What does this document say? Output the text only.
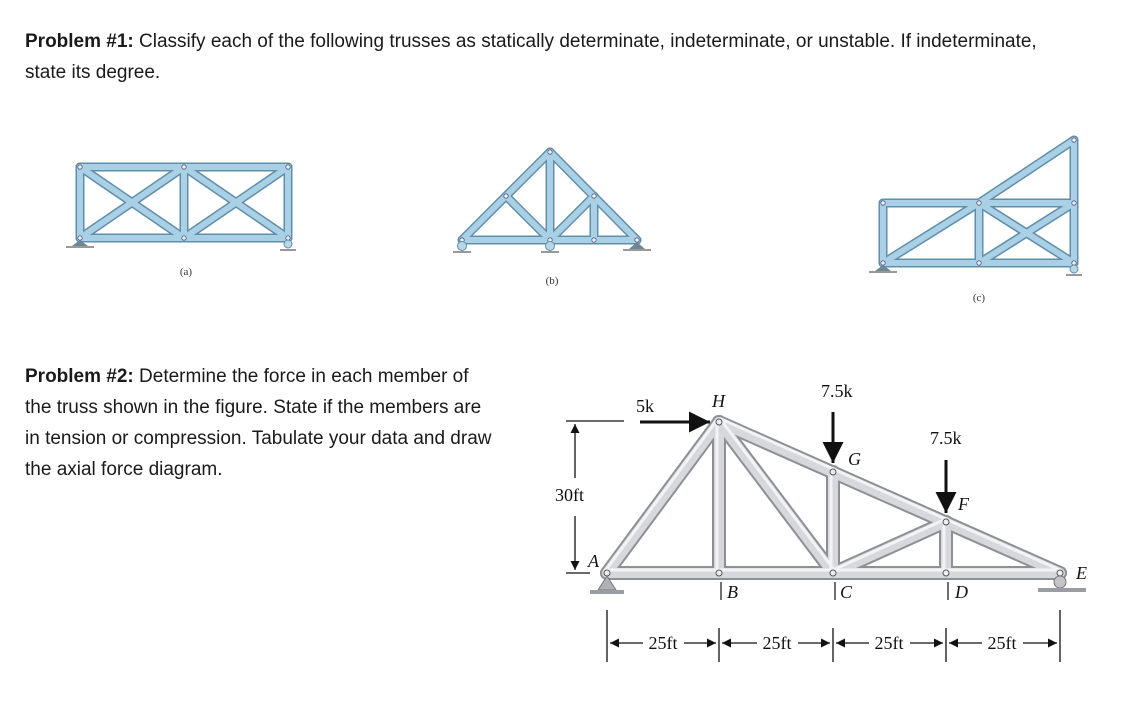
Problem #1: Classify each of the following trusses as statically determinate, indeterminate, or unstable. If indeterminate,
state its degree.
Problem #2: Determine the force in each member of
the truss shown in the figure. State if the members are
in tension or compression. Tabulate your data and draw
the axial force diagram.
(a)
(b)
(c)
5k
7.5k
7.5k
H
G
F
A
B	C	D
E
30ft
25ft	25ft	25ft	25ft
